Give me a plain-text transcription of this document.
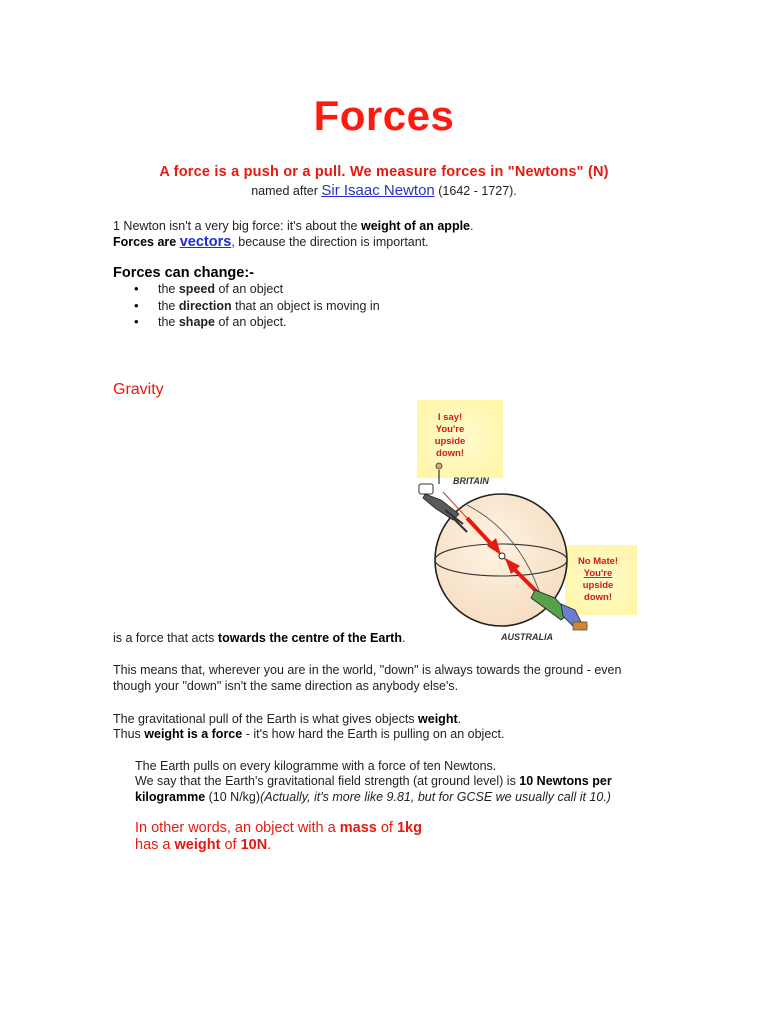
Forces
A force is a push or a pull. We measure forces in "Newtons" (N)
named after Sir Isaac Newton (1642 - 1727).
1 Newton isn't a very big force: it's about the weight of an apple.
Forces are vectors, because the direction is important.
Forces can change:-
• the speed of an object
• the direction that an object is moving in
• the shape of an object.
Gravity
I say!
You're
upside
down!
No Mate!
You're
upside
down!
BRITAIN
AUSTRALIA
is a force that acts towards the centre of the Earth.
This means that, wherever you are in the world, "down" is always towards the ground - even though your "down" isn't the same direction as anybody else's.
The gravitational pull of the Earth is what gives objects weight.
Thus weight is a force - it's how hard the Earth is pulling on an object.
The Earth pulls on every kilogramme with a force of ten Newtons.
We say that the Earth's gravitational field strength (at ground level) is 10 Newtons per kilogramme (10 N/kg)(Actually, it's more like 9.81, but for GCSE we usually call it 10.)
In other words, an object with a mass of 1kg
has a weight of 10N.
